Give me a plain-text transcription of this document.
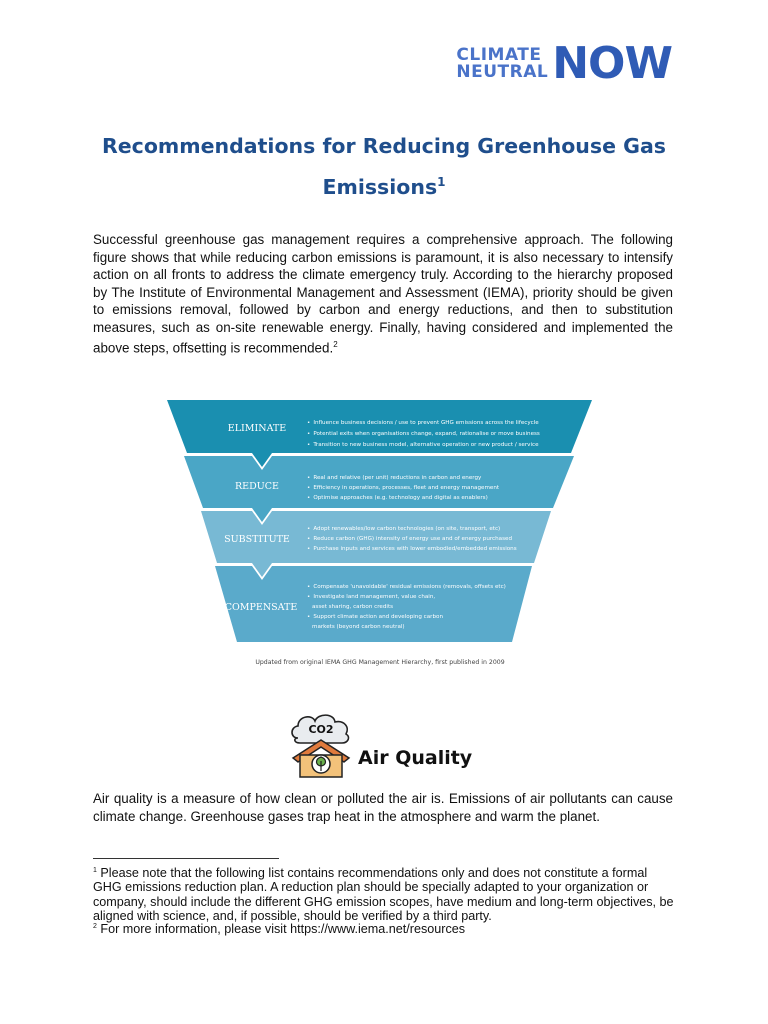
CLIMATE
NEUTRAL NOW
Recommendations for Reducing Greenhouse Gas
Emissions$^1$
Successful greenhouse gas management requires a comprehensive approach. The following figure shows that while reducing carbon emissions is paramount, it is also necessary to intensify action on all fronts to address the climate emergency truly. According to the hierarchy proposed by The Institute of Environmental Management and Assessment (IEMA), priority should be given to emissions removal, followed by carbon and energy reductions, and then to substitution measures, such as on-site renewable energy. Finally, having considered and implemented the above steps, offsetting is recommended.$^2$
ELIMINATE
REDUCE
SUBSTITUTE
COMPENSATE
• Influence business decisions / use to prevent GHG emissions across the lifecycle
• Potential exits when organisations change, expand, rationalise or move business
• Transition to new business model, alternative operation or new product / service
• Real and relative (per unit) reductions in carbon and energy
• Efficiency in operations, processes, fleet and energy management
• Optimise approaches (e.g. technology and digital as enablers)
• Adopt renewables/low carbon technologies (on site, transport, etc)
• Reduce carbon (GHG) intensity of energy use and of energy purchased
• Purchase inputs and services with lower embodied/embedded emissions
• Compensate 'unavoidable' residual emissions (removals, offsets etc)
• Investigate land management, value chain,
asset sharing, carbon credits
• Support climate action and developing carbon
markets (beyond carbon neutral)
Updated from original IEMA GHG Management Hierarchy, first published in 2009
CO2
Air Quality
Air quality is a measure of how clean or polluted the air is. Emissions of air pollutants can cause climate change. Greenhouse gases trap heat in the atmosphere and warm the planet.
$^1$ Please note that the following list contains recommendations only and does not constitute a formal GHG emissions reduction plan. A reduction plan should be specially adapted to your organization or company, should include the different GHG emission scopes, have medium and long-term objectives, be aligned with science, and, if possible, should be verified by a third party.
$^2$ For more information, please visit https://www.iema.net/resources
